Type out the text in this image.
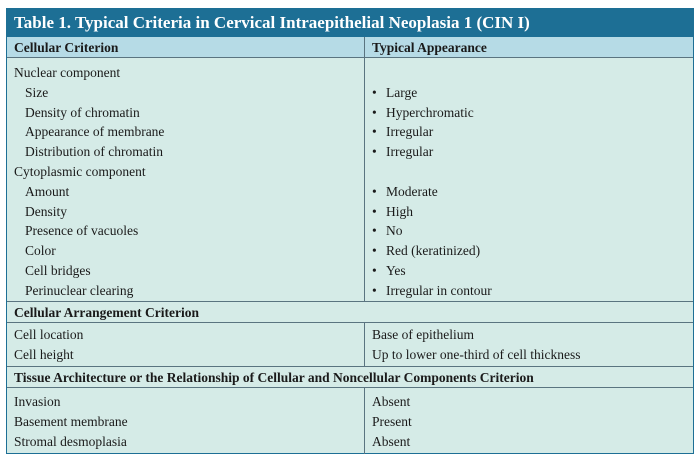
Table 1. Typical Criteria in Cervical Intraepithelial Neoplasia 1 (CIN I)
Cellular Criterion	Typical Appearance
Nuclear component
Size
Density of chromatin
Appearance of membrane
Distribution of chromatin
Cytoplasmic component
Amount
Density
Presence of vacuoles
Color
Cell bridges
Perinuclear clearing
• Large
• Hyperchromatic
• Irregular
• Irregular
• Moderate
• High
• No
• Red (keratinized)
• Yes
• Irregular in contour
Cellular Arrangement Criterion
Cell location
Cell height
Base of epithelium
Up to lower one-third of cell thickness
Tissue Architecture or the Relationship of Cellular and Noncellular Components Criterion
Invasion
Basement membrane
Stromal desmoplasia
Absent
Present
Absent
